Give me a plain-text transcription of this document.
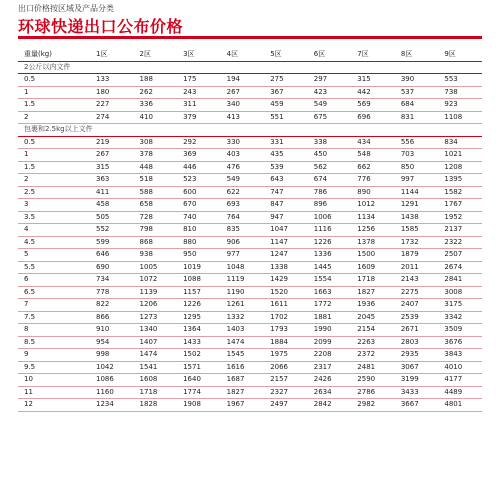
出口价格按区域及产品分类
环球快递出口公布价格
重量(kg)	1区	2区	3区	4区	5区	6区	7区	8区	9区
2公斤以内文件									
0.5	133	188	175	194	275	297	315	390	553
1	180	262	243	267	367	423	442	537	738
1.5	227	336	311	340	459	549	569	684	923
2	274	410	379	413	551	675	696	831	1108
包裹和2.5kg以上文件									
0.5	219	308	292	330	331	338	434	556	834
1	267	378	369	403	435	450	548	703	1021
1.5	315	448	446	476	539	562	662	850	1208
2	363	518	523	549	643	674	776	997	1395
2.5	411	588	600	622	747	786	890	1144	1582
3	458	658	670	693	847	896	1012	1291	1767
3.5	505	728	740	764	947	1006	1134	1438	1952
4	552	798	810	835	1047	1116	1256	1585	2137
4.5	599	868	880	906	1147	1226	1378	1732	2322
5	646	938	950	977	1247	1336	1500	1879	2507
5.5	690	1005	1019	1048	1338	1445	1609	2011	2674
6	734	1072	1088	1119	1429	1554	1718	2143	2841
6.5	778	1139	1157	1190	1520	1663	1827	2275	3008
7	822	1206	1226	1261	1611	1772	1936	2407	3175
7.5	866	1273	1295	1332	1702	1881	2045	2539	3342
8	910	1340	1364	1403	1793	1990	2154	2671	3509
8.5	954	1407	1433	1474	1884	2099	2263	2803	3676
9	998	1474	1502	1545	1975	2208	2372	2935	3843
9.5	1042	1541	1571	1616	2066	2317	2481	3067	4010
10	1086	1608	1640	1687	2157	2426	2590	3199	4177
11	1160	1718	1774	1827	2327	2634	2786	3433	4489
12	1234	1828	1908	1967	2497	2842	2982	3667	4801
